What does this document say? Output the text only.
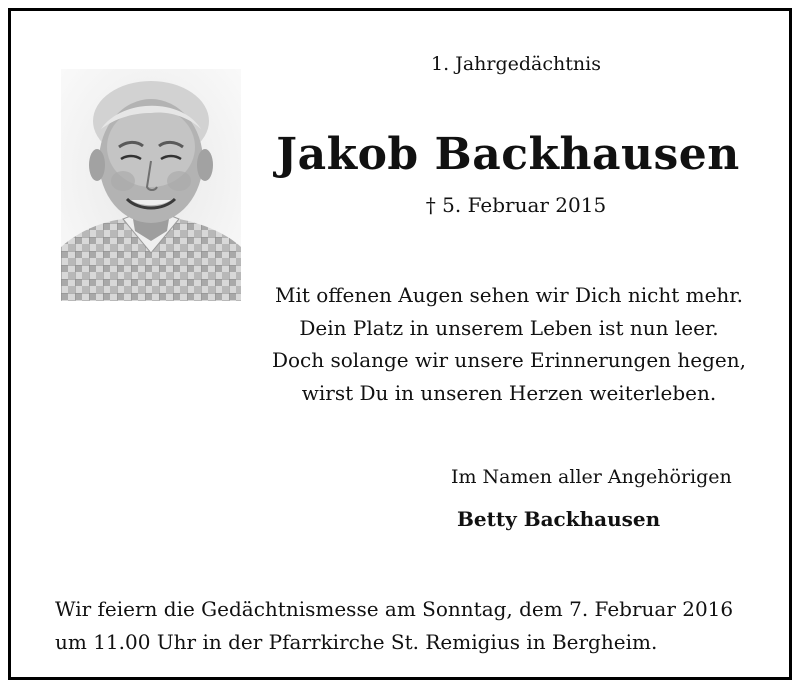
1. Jahrgedächtnis
Jakob Backhausen
† 5. Februar 2015
Mit offenen Augen sehen wir Dich nicht mehr.
Dein Platz in unserem Leben ist nun leer.
Doch solange wir unsere Erinnerungen hegen,
wirst Du in unseren Herzen weiterleben.
Im Namen aller Angehörigen
Betty Backhausen
Wir feiern die Gedächtnismesse am Sonntag, dem 7. Februar 2016
um 11.00 Uhr in der Pfarrkirche St. Remigius in Bergheim.
